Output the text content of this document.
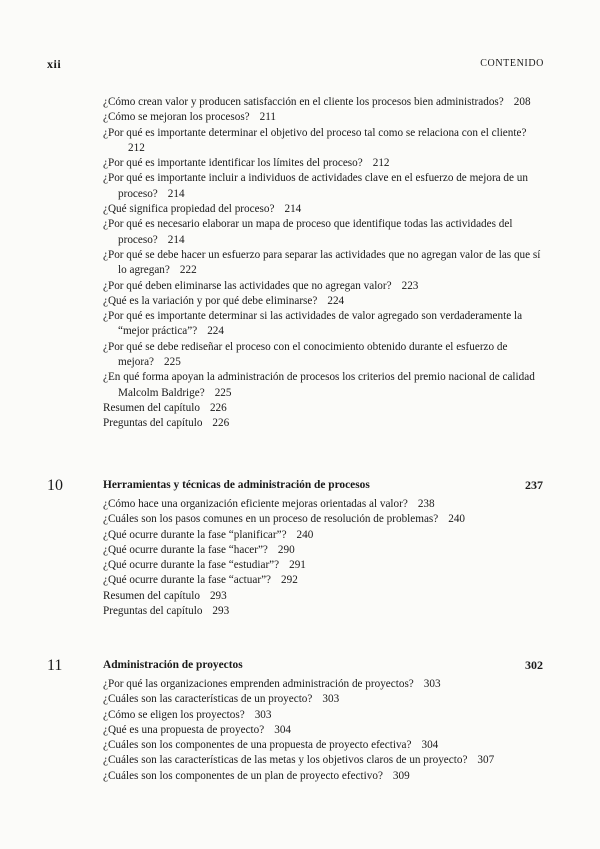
xii	CONTENIDO

¿Cómo crean valor y producen satisfacción en el cliente los procesos bien administrados? 208

¿Cómo se mejoran los procesos? 211

¿Por qué es importante determinar el objetivo del proceso tal como se relaciona con el cliente?212

¿Por qué es importante identificar los límites del proceso? 212

¿Por qué es importante incluir a individuos de actividades clave en el esfuerzo de mejora de un proceso? 214

¿Qué significa propiedad del proceso? 214

¿Por qué es necesario elaborar un mapa de proceso que identifique todas las actividades del proceso? 214

¿Por qué se debe hacer un esfuerzo para separar las actividades que no agregan valor de las que sí lo agregan? 222

¿Por qué deben eliminarse las actividades que no agregan valor? 223

¿Qué es la variación y por qué debe eliminarse? 224

¿Por qué es importante determinar si las actividades de valor agregado son verdaderamente la “mejor práctica”? 224

¿Por qué se debe rediseñar el proceso con el conocimiento obtenido durante el esfuerzo de mejora? 225

¿En qué forma apoyan la administración de procesos los criterios del premio nacional de calidad Malcolm Baldrige? 225

Resumen del capítulo 226

Preguntas del capítulo 226

10	Herramientas y técnicas de administración de procesos	237

¿Cómo hace una organización eficiente mejoras orientadas al valor? 238

¿Cuáles son los pasos comunes en un proceso de resolución de problemas? 240

¿Qué ocurre durante la fase “planificar”? 240

¿Qué ocurre durante la fase “hacer”? 290

¿Qué ocurre durante la fase “estudiar”? 291

¿Qué ocurre durante la fase “actuar”? 292

Resumen del capítulo 293

Preguntas del capítulo 293

11	Administración de proyectos	302

¿Por qué las organizaciones emprenden administración de proyectos? 303

¿Cuáles son las características de un proyecto? 303

¿Cómo se eligen los proyectos? 303

¿Qué es una propuesta de proyecto? 304

¿Cuáles son los componentes de una propuesta de proyecto efectiva? 304

¿Cuáles son las características de las metas y los objetivos claros de un proyecto? 307

¿Cuáles son los componentes de un plan de proyecto efectivo? 309
